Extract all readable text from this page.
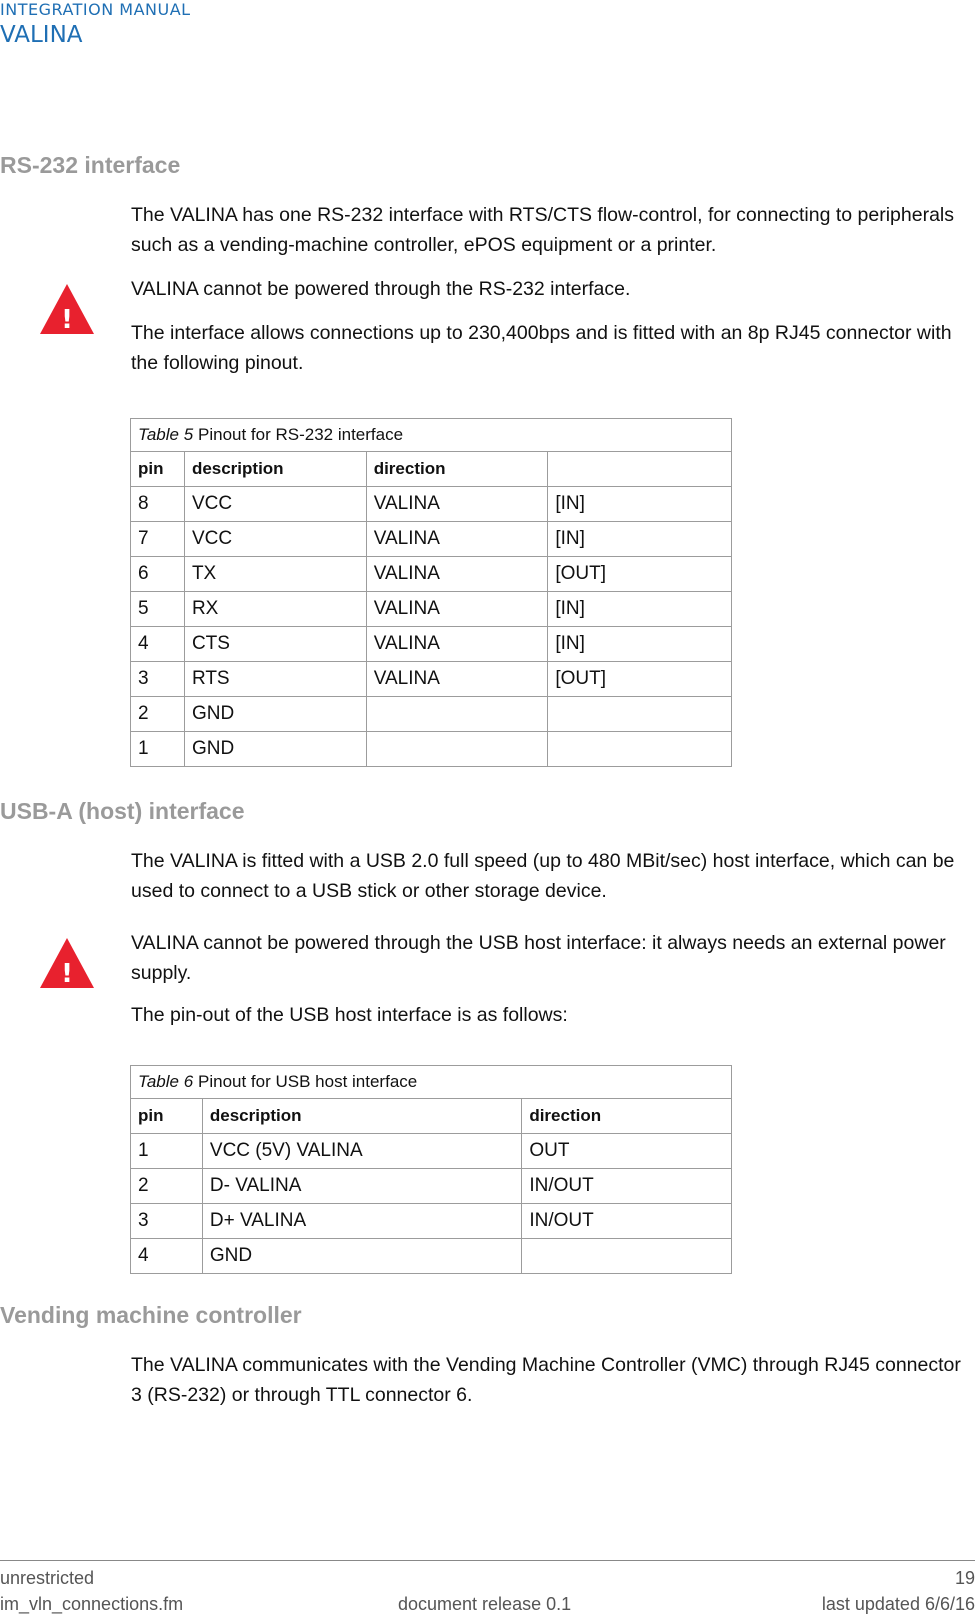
INTEGRATION MANUAL
VALINA
RS-232 interface
The VALINA has one RS-232 interface with RTS/CTS flow-control, for connecting to peripherals such as a vending-machine controller, ePOS equipment or a printer.
!
VALINA cannot be powered through the RS-232 interface.
The interface allows connections up to 230,400bps and is fitted with an 8p RJ45 connector with the following pinout.
Table 5 Pinout for RS-232 interface			
pin	description	direction	
8	VCC	VALINA	[IN]
7	VCC	VALINA	[IN]
6	TX	VALINA	[OUT]
5	RX	VALINA	[IN]
4	CTS	VALINA	[IN]
3	RTS	VALINA	[OUT]
2	GND		
1	GND		
USB-A (host) interface
The VALINA is fitted with a USB 2.0 full speed (up to 480 MBit/sec) host interface, which can be used to connect to a USB stick or other storage device.
!
VALINA cannot be powered through the USB host interface: it always needs an external power supply.
The pin-out of the USB host interface is as follows:
Table 6 Pinout for USB host interface		
pin	description	direction
1	VCC (5V) VALINA	OUT
2	D- VALINA	IN/OUT
3	D+ VALINA	IN/OUT
4	GND	
Vending machine controller
The VALINA communicates with the Vending Machine Controller (VMC) through RJ45 connector 3 (RS-232) or through TTL connector 6.
unrestricted	19
im_vln_connections.fm	document release 0.1	last updated 6/6/16
